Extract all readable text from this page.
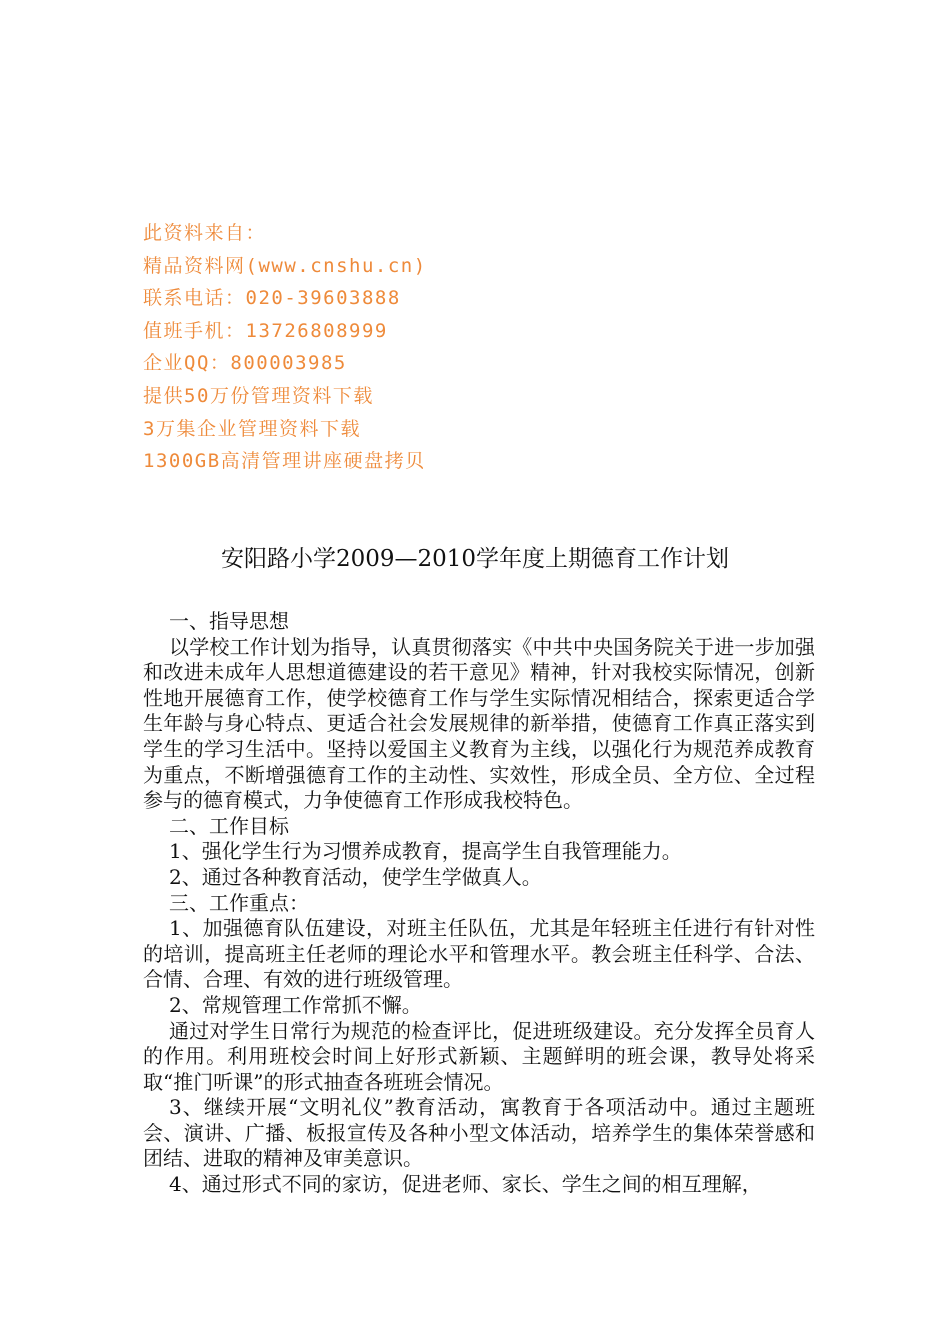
此资料来自：
精品资料网(www.cnshu.cn)
联系电话：020-39603888
值班手机：13726808999
企业QQ：800003985
提供50万份管理资料下载
3万集企业管理资料下载
1300GB高清管理讲座硬盘拷贝
安阳路小学2009—2010学年度上期德育工作计划

一、指导思想

以学校工作计划为指导，认真贯彻落实《中共中央国务院关于进一步加强和改进未成年人思想道德建设的若干意见》精神，针对我校实际情况，创新性地开展德育工作，使学校德育工作与学生实际情况相结合，探索更适合学生年龄与身心特点、更适合社会发展规律的新举措，使德育工作真正落实到学生的学习生活中。坚持以爱国主义教育为主线，以强化行为规范养成教育为重点，不断增强德育工作的主动性、实效性，形成全员、全方位、全过程参与的德育模式，力争使德育工作形成我校特色。

二、工作目标

1、强化学生行为习惯养成教育，提高学生自我管理能力。

2、通过各种教育活动，使学生学做真人。

三、工作重点：

1、加强德育队伍建设，对班主任队伍，尤其是年轻班主任进行有针对性的培训，提高班主任老师的理论水平和管理水平。教会班主任科学、合法、合情、合理、有效的进行班级管理。

2、常规管理工作常抓不懈。

通过对学生日常行为规范的检查评比，促进班级建设。充分发挥全员育人的作用。利用班校会时间上好形式新颖、主题鲜明的班会课，教导处将采取“推门听课”的形式抽查各班班会情况。

3、继续开展“文明礼仪”教育活动，寓教育于各项活动中。通过主题班会、演讲、广播、板报宣传及各种小型文体活动，培养学生的集体荣誉感和团结、进取的精神及审美意识。

4、通过形式不同的家访，促进老师、家长、学生之间的相互理解，
